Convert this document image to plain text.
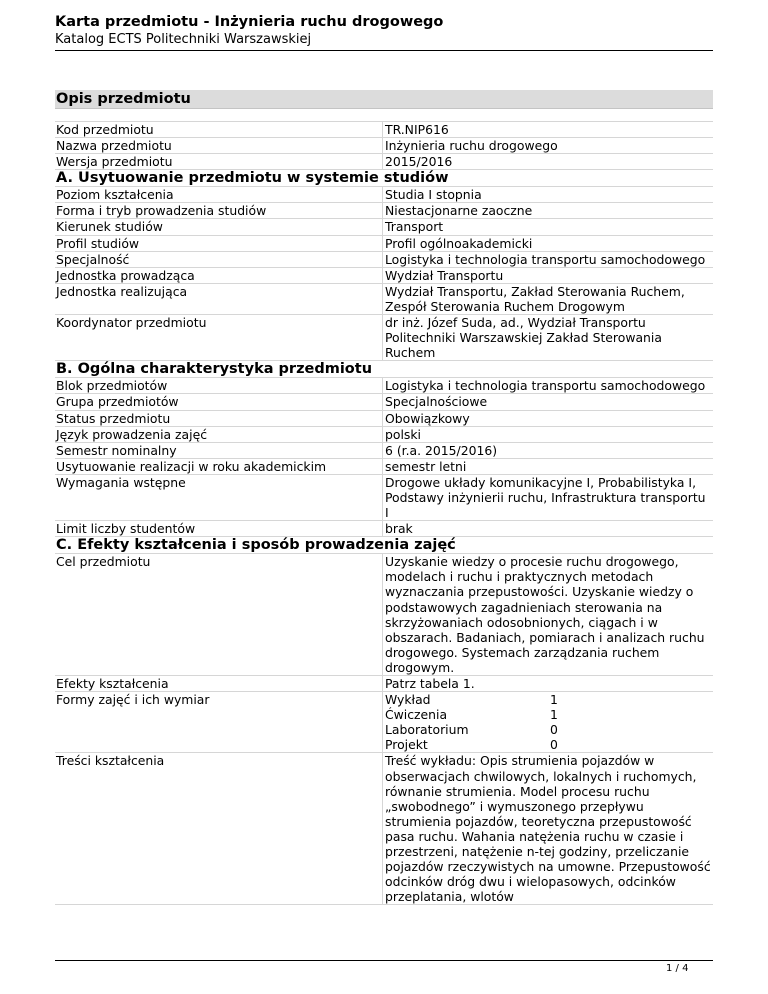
Karta przedmiotu - Inżynieria ruchu drogowego
Katalog ECTS Politechniki Warszawskiej
Opis przedmiotu
Kod przedmiotu	TR.NIP616
Nazwa przedmiotu	Inżynieria ruchu drogowego
Wersja przedmiotu	2015/2016
A. Usytuowanie przedmiotu w systemie studiów
Poziom kształcenia	Studia I stopnia
Forma i tryb prowadzenia studiów	Niestacjonarne zaoczne
Kierunek studiów	Transport
Profil studiów	Profil ogólnoakademicki
Specjalność	Logistyka i technologia transportu samochodowego
Jednostka prowadząca	Wydział Transportu
Jednostka realizująca	Wydział Transportu, Zakład Sterowania Ruchem, Zespół Sterowania Ruchem Drogowym
Koordynator przedmiotu	dr inż. Józef Suda, ad., Wydział Transportu Politechniki Warszawskiej Zakład Sterowania Ruchem
B. Ogólna charakterystyka przedmiotu
Blok przedmiotów	Logistyka i technologia transportu samochodowego
Grupa przedmiotów	Specjalnościowe
Status przedmiotu	Obowiązkowy
Język prowadzenia zajęć	polski
Semestr nominalny	6 (r.a. 2015/2016)
Usytuowanie realizacji w roku akademickim	semestr letni
Wymagania wstępne	Drogowe układy komunikacyjne I, Probabilistyka I, Podstawy inżynierii ruchu, Infrastruktura transportu I
Limit liczby studentów	brak
C. Efekty kształcenia i sposób prowadzenia zajęć
Cel przedmiotu	Uzyskanie wiedzy o procesie ruchu drogowego, modelach i ruchu i praktycznych metodach wyznaczania przepustowości. Uzyskanie wiedzy o podstawowych zagadnieniach sterowania na skrzyżowaniach odosobnionych, ciągach i w obszarach. Badaniach, pomiarach i analizach ruchu drogowego. Systemach zarządzania ruchem drogowym.
Efekty kształcenia	Patrz tabela 1.
Formy zajęć i ich wymiar	Wykład	1
Ćwiczenia	1
Laboratorium	0
Projekt	0
Treści kształcenia	Treść wykładu: Opis strumienia pojazdów w obserwacjach chwilowych, lokalnych i ruchomych, równanie strumienia. Model procesu ruchu „swobodnego” i wymuszonego przepływu strumienia pojazdów, teoretyczna przepustowość pasa ruchu. Wahania natężenia ruchu w czasie i przestrzeni, natężenie n-tej godziny, przeliczanie pojazdów rzeczywistych na umowne. Przepustowość odcinków dróg dwu i wielopasowych, odcinków przeplatania, wlotów
1 / 4
